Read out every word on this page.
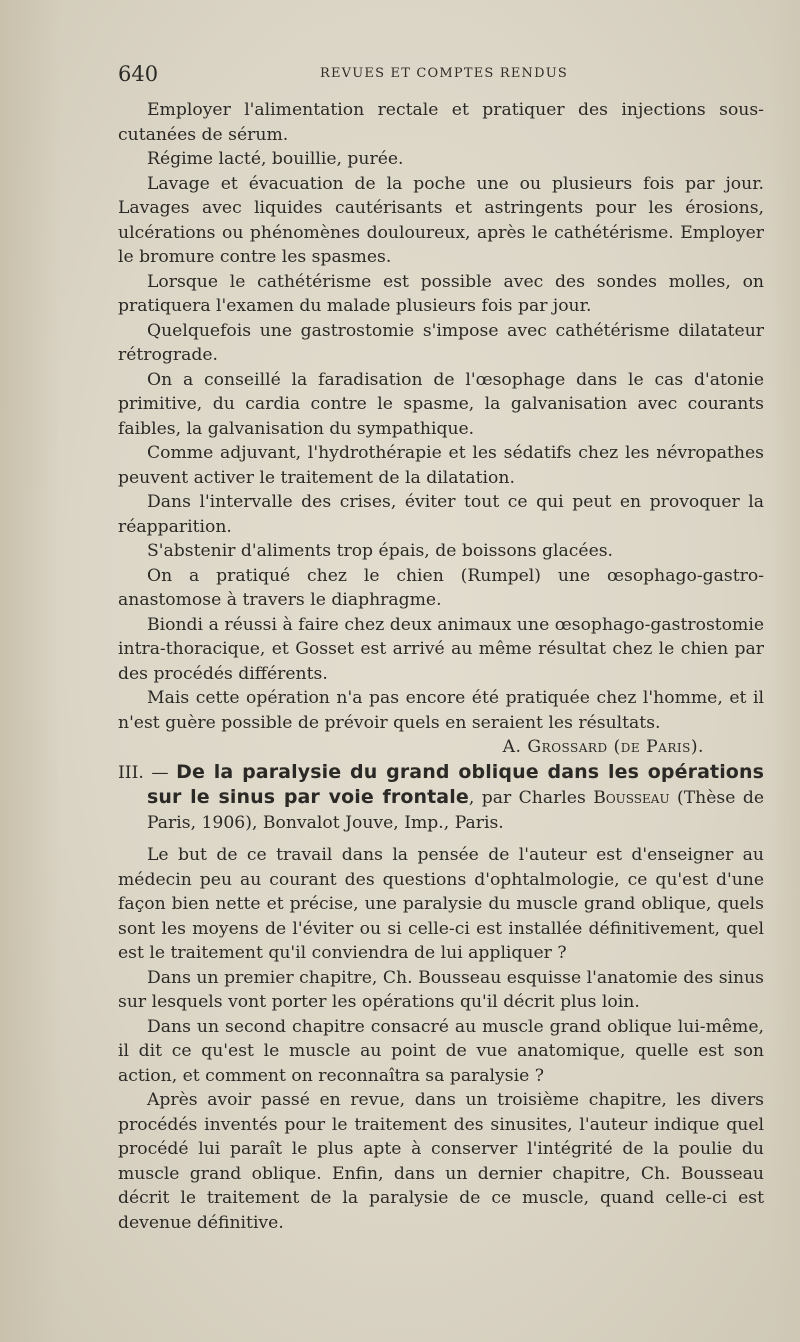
640	REVUES ET COMPTES RENDUS

Employer l'alimentation rectale et pratiquer des injections sous-cutanées de sérum.

Régime lacté, bouillie, purée.

Lavage et évacuation de la poche une ou plusieurs fois par jour. Lavages avec liquides cautérisants et astringents pour les érosions, ulcérations ou phénomènes douloureux, après le cathétérisme. Employer le bromure contre les spasmes.

Lorsque le cathétérisme est possible avec des sondes molles, on pratiquera l'examen du malade plusieurs fois par jour.

Quelquefois une gastrostomie s'impose avec cathétérisme dilatateur rétrograde.

On a conseillé la faradisation de l'œsophage dans le cas d'atonie primitive, du cardia contre le spasme, la galvanisation avec courants faibles, la galvanisation du sympathique.

Comme adjuvant, l'hydrothérapie et les sédatifs chez les névropathes peuvent activer le traitement de la dilatation.

Dans l'intervalle des crises, éviter tout ce qui peut en provoquer la réapparition.

S'abstenir d'aliments trop épais, de boissons glacées.

On a pratiqué chez le chien (Rumpel) une œsophago-gastro-anastomose à travers le diaphragme.

Biondi a réussi à faire chez deux animaux une œsophago-gastrostomie intra-thoracique, et Gosset est arrivé au même résultat chez le chien par des procédés différents.

Mais cette opération n'a pas encore été pratiquée chez l'homme, et il n'est guère possible de prévoir quels en seraient les résultats.

A. Grossard (de Paris).

III. — De la paralysie du grand oblique dans les opérations sur le sinus par voie frontale, par Charles Bousseau (Thèse de Paris, 1906), Bonvalot Jouve, Imp., Paris.

Le but de ce travail dans la pensée de l'auteur est d'enseigner au médecin peu au courant des questions d'ophtalmologie, ce qu'est d'une façon bien nette et précise, une paralysie du muscle grand oblique, quels sont les moyens de l'éviter ou si celle-ci est installée définitivement, quel est le traitement qu'il conviendra de lui appliquer ?

Dans un premier chapitre, Ch. Bousseau esquisse l'anatomie des sinus sur lesquels vont porter les opérations qu'il décrit plus loin.

Dans un second chapitre consacré au muscle grand oblique lui-même, il dit ce qu'est le muscle au point de vue anatomique, quelle est son action, et comment on reconnaîtra sa paralysie ?

Après avoir passé en revue, dans un troisième chapitre, les divers procédés inventés pour le traitement des sinusites, l'auteur indique quel procédé lui paraît le plus apte à conserver l'intégrité de la poulie du muscle grand oblique. Enfin, dans un dernier chapitre, Ch. Bousseau décrit le traitement de la paralysie de ce muscle, quand celle-ci est devenue définitive.
